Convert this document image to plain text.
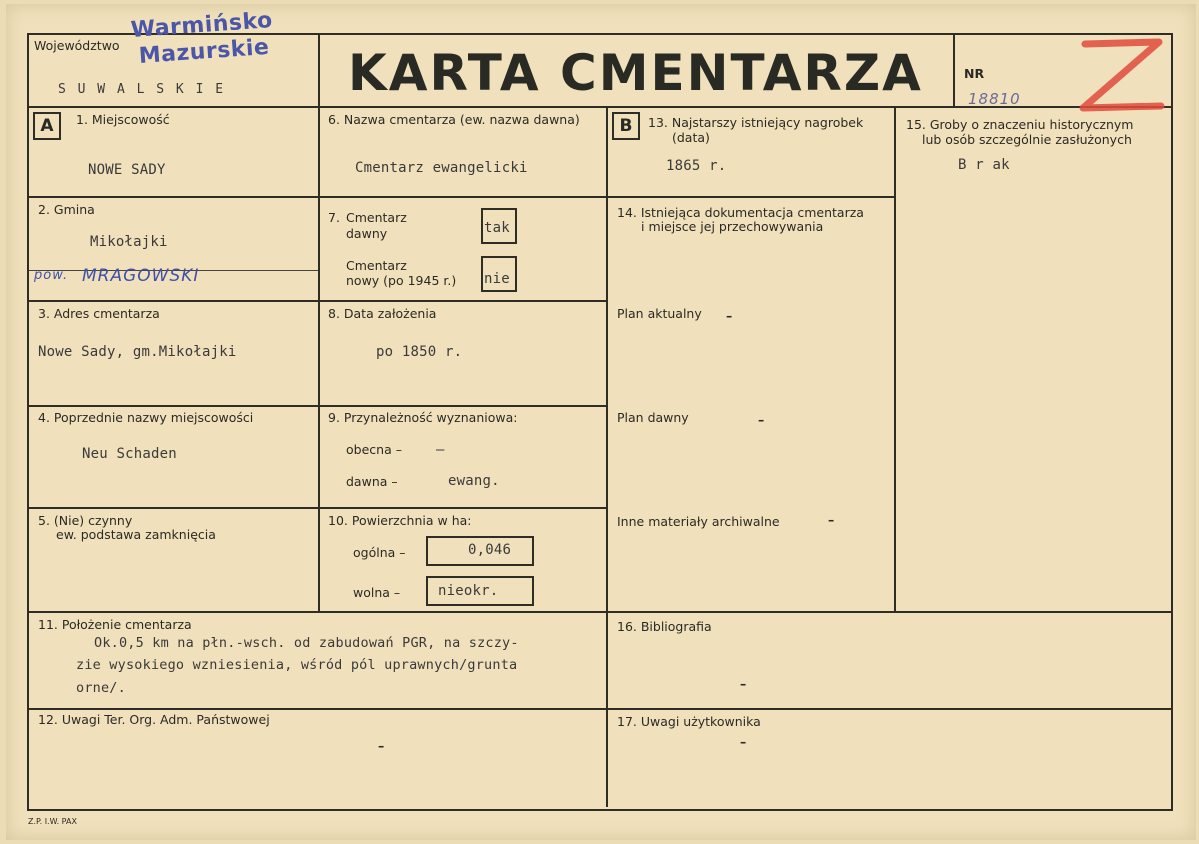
Województwo
Warmińsko
Mazurskie
S U W A L S K I E KARTA CMENTARZA	NR
18810
A	B
1. Miejscowość
NOWE SADY
2. Gmina
Mikołajki
pow. MRAGOWSKI
3. Adres cmentarza
Nowe Sady, gm.Mikołajki
4. Poprzednie nazwy miejscowości
Neu Schaden
5. (Nie) czynny
ew. podstawa zamknięcia
6. Nazwa cmentarza (ew. nazwa dawna)
Cmentarz ewangelicki
7. Cmentarz
dawny	tak
Cmentarz
nowy (po 1945 r.) nie
8. Data założenia
po 1850 r.
9. Przynależność wyznaniowa:
obecna – –
dawna –	ewang.
10. Powierzchnia w ha:
ogólna –	0,046
wolna –	nieokr.
13. Najstarszy istniejący nagrobek
(data)
1865 r.
14. Istniejąca dokumentacja cmentarza
i miejsce jej przechowywania
Plan aktualny –
Plan dawny	–
Inne materiały archiwalne	–
15. Groby o znaczeniu historycznym
lub osób szczególnie zasłużonych
B r ak
11. Położenie cmentarza
Ok.0,5 km na płn.-wsch. od zabudowań PGR, na szczy-
zie wysokiego wzniesienia, wśród pól uprawnych/grunta
orne/.
16. Bibliografia
–
12. Uwagi Ter. Org. Adm. Państwowej
–
17. Uwagi użytkownika
–
Z.P. I.W. PAX
